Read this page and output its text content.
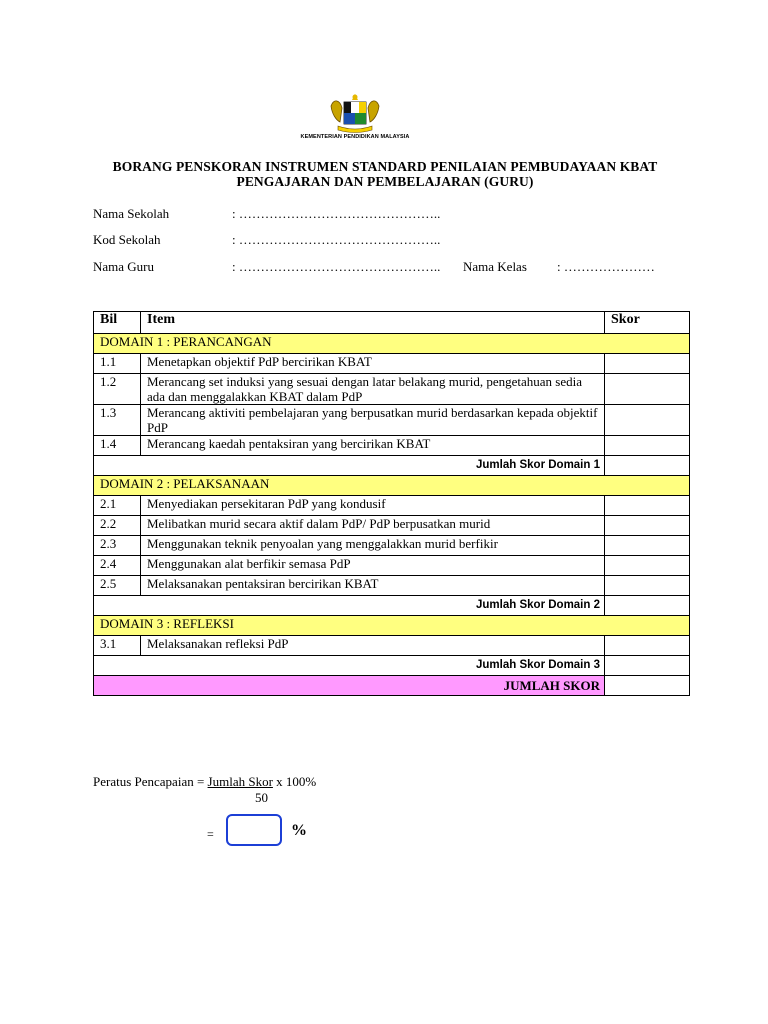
KEMENTERIAN PENDIDIKAN MALAYSIA
BORANG PENSKORAN INSTRUMEN STANDARD PENILAIAN PEMBUDAYAAN KBAT
PENGAJARAN DAN PEMBELAJARAN (GURU)
Nama Sekolah	: ………………………………………..
Kod Sekolah	: ………………………………………..
Nama Guru	: ……………………………………….. Nama Kelas : …………………
Bil	Item	Skor
DOMAIN 1 : PERANCANGAN		
1.1	Menetapkan objektif PdP bercirikan KBAT	
1.2	Merancang set induksi yang sesuai dengan latar belakang murid, pengetahuan sedia ada dan menggalakkan KBAT dalam PdP	
1.3	Merancang aktiviti pembelajaran yang berpusatkan murid berdasarkan kepada objektif PdP	
1.4	Merancang kaedah pentaksiran yang bercirikan KBAT	
Jumlah Skor Domain 1		
DOMAIN 2 : PELAKSANAAN		
2.1	Menyediakan persekitaran PdP yang kondusif	
2.2	Melibatkan murid secara aktif dalam PdP/ PdP berpusatkan murid	
2.3	Menggunakan teknik penyoalan yang menggalakkan murid berfikir	
2.4	Menggunakan alat berfikir semasa PdP	
2.5	Melaksanakan pentaksiran bercirikan KBAT	
Jumlah Skor Domain 2		
DOMAIN 3 : REFLEKSI		
3.1	Melaksanakan refleksi PdP	
Jumlah Skor Domain 3		
JUMLAH SKOR		
Peratus Pencapaian = Jumlah Skor x 100%
50
=	%
